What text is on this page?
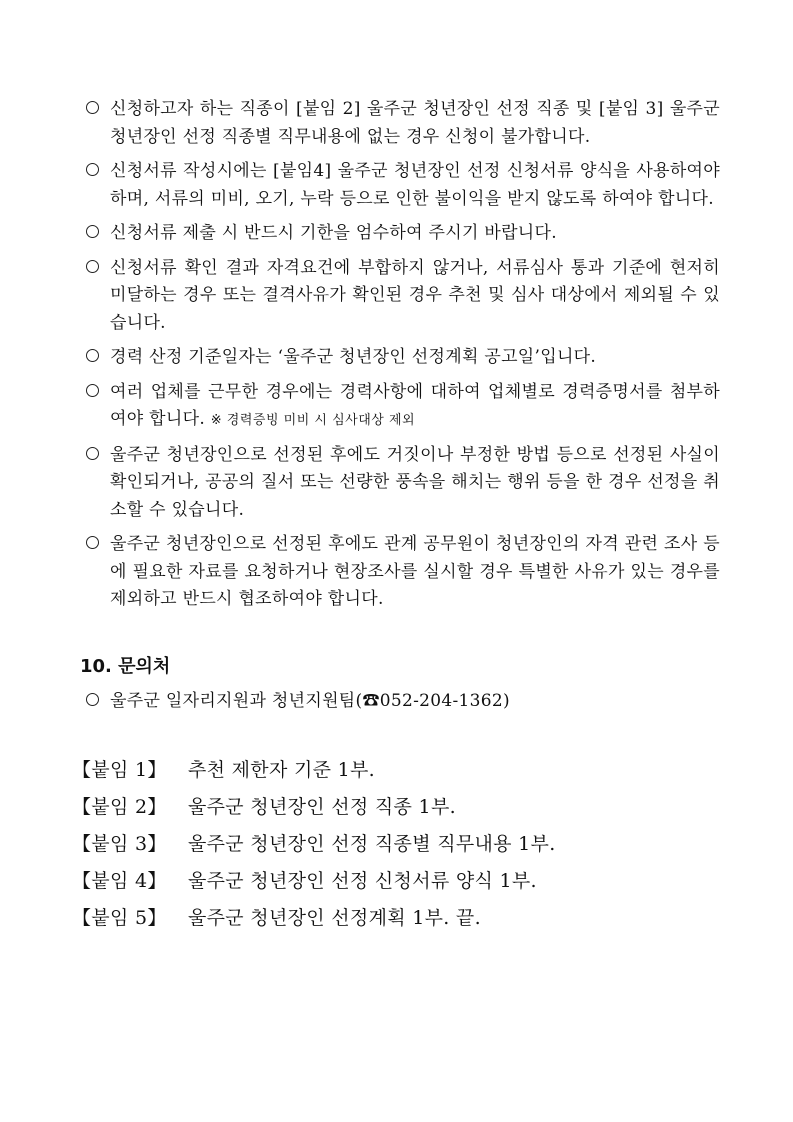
신청하고자 하는 직종이 [붙임 2] 울주군 청년장인 선정 직종 및 [붙임 3] 울주군 청년장인 선정 직종별 직무내용에 없는 경우 신청이 불가합니다.
신청서류 작성시에는 [붙임4] 울주군 청년장인 선정 신청서류 양식을 사용하여야 하며, 서류의 미비, 오기, 누락 등으로 인한 불이익을 받지 않도록 하여야 합니다.
신청서류 제출 시 반드시 기한을 엄수하여 주시기 바랍니다.
신청서류 확인 결과 자격요건에 부합하지 않거나, 서류심사 통과 기준에 현저히 미달하는 경우 또는 결격사유가 확인된 경우 추천 및 심사 대상에서 제외될 수 있습니다.
경력 산정 기준일자는 ‘울주군 청년장인 선정계획 공고일’입니다.
여러 업체를 근무한 경우에는 경력사항에 대하여 업체별로 경력증명서를 첨부하여야 합니다. ※ 경력증빙 미비 시 심사대상 제외
울주군 청년장인으로 선정된 후에도 거짓이나 부정한 방법 등으로 선정된 사실이 확인되거나, 공공의 질서 또는 선량한 풍속을 해치는 행위 등을 한 경우 선정을 취소할 수 있습니다.
울주군 청년장인으로 선정된 후에도 관계 공무원이 청년장인의 자격 관련 조사 등에 필요한 자료를 요청하거나 현장조사를 실시할 경우 특별한 사유가 있는 경우를 제외하고 반드시 협조하여야 합니다.
10. 문의처
울주군 일자리지원과 청년지원팀(☎052-204-1362)
【붙임 1】 추천 제한자 기준 1부.
【붙임 2】 울주군 청년장인 선정 직종 1부.
【붙임 3】 울주군 청년장인 선정 직종별 직무내용 1부.
【붙임 4】 울주군 청년장인 선정 신청서류 양식 1부.
【붙임 5】 울주군 청년장인 선정계획 1부. 끝.
